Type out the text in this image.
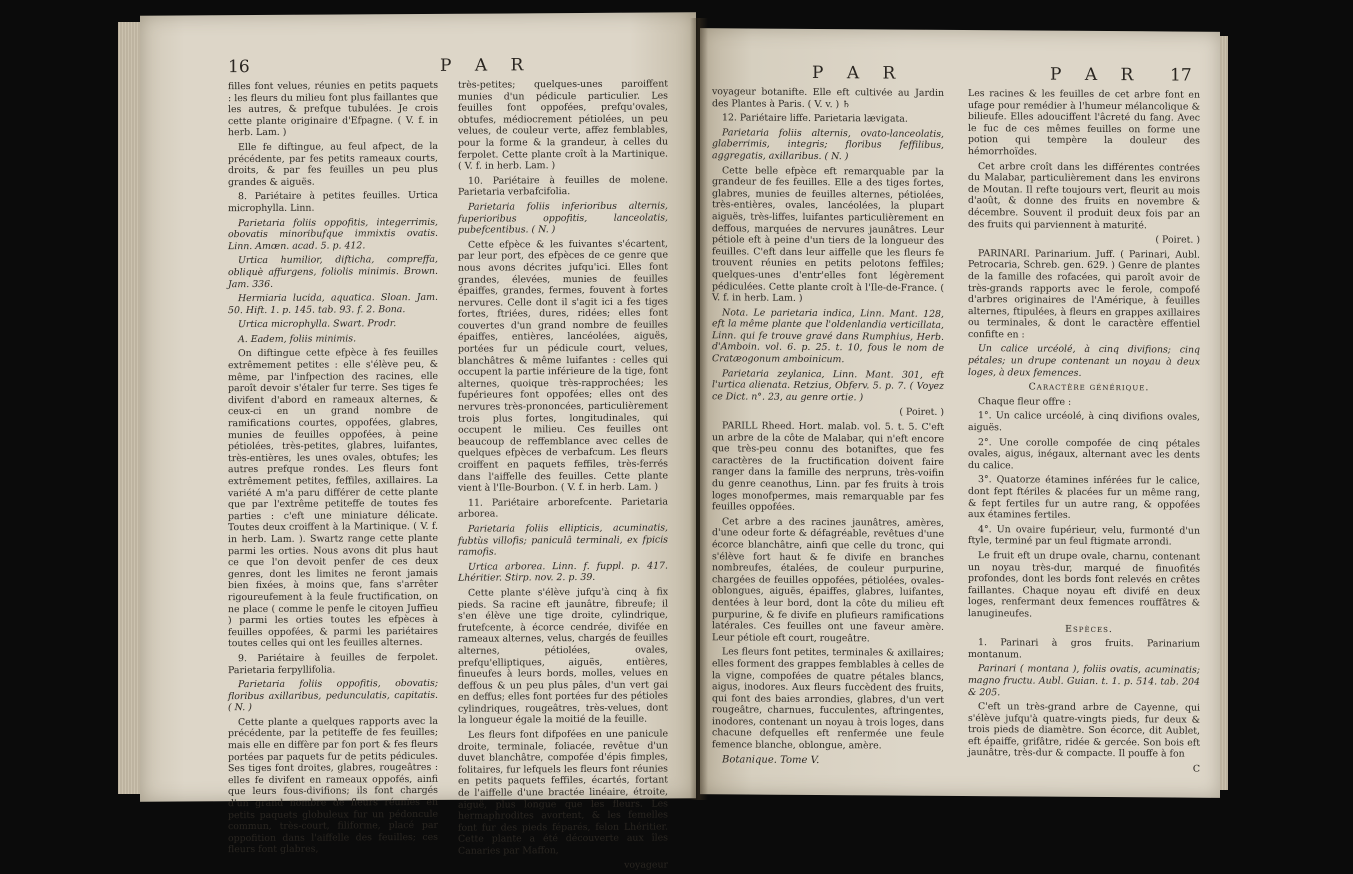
16	P A R

filles font velues, réunies en petits paquets : les fleurs du milieu font plus faillantes que les autres, & prefque tubulées. Je crois cette plante originaire d'Efpagne. ( V. f. in herb. Lam. )

Elle fe diftingue, au feul afpect, de la précédente, par fes petits rameaux courts, droits, & par fes feuilles un peu plus grandes & aiguës.

8. Pariétaire à petites feuilles. Urtica microphylla. Linn.

Parietaria foliis oppofitis, integerrimis, obovatis minoribufque immixtis ovatis. Linn. Amœn. acad. 5. p. 412.

Urtica humilior, difticha, compreffa, obliquè affurgens, foliolis minimis. Brown. Jam. 336.

Hermiaria lucida, aquatica. Sloan. Jam. 50. Hift. 1. p. 145. tab. 93. f. 2. Bona.

Urtica microphylla. Swart. Prodr.

A. Eadem, foliis minimis.

On diftingue cette efpèce à fes feuilles extrêmement petites : elle s'élève peu, & même, par l'infpection des racines, elle paroît devoir s'étaler fur terre. Ses tiges fe divifent d'abord en rameaux alternes, & ceux-ci en un grand nombre de ramifications courtes, oppofées, glabres, munies de feuilles oppofées, à peine pétiolées, très-petites, glabres, luifantes, très-entières, les unes ovales, obtufes; les autres prefque rondes. Les fleurs font extrêmement petites, feffiles, axillaires. La variété A m'a paru différer de cette plante que par l'extrême petiteffe de toutes fes parties : c'eft une miniature délicate. Toutes deux croiffent à la Martinique. ( V. f. in herb. Lam. ). Swartz range cette plante parmi les orties. Nous avons dit plus haut ce que l'on devoit penfer de ces deux genres, dont les limites ne feront jamais bien fixées, à moins que, fans s'arrêter rigoureufement à la feule fructification, on ne place ( comme le penfe le citoyen Juffieu ) parmi les orties toutes les efpèces à feuilles oppofées, & parmi les pariétaires toutes celles qui ont les feuilles alternes.

9. Pariétaire à feuilles de ferpolet. Parietaria ferpyllifolia.

Parietaria foliis oppofitis, obovatis; floribus axillaribus, pedunculatis, capitatis. ( N. )

Cette plante a quelques rapports avec la précédente, par la petiteffe de fes feuilles; mais elle en diffère par fon port & fes fleurs portées par paquets fur de petits pédicules. Ses tiges font droites, glabres, rougeâtres : elles fe divifent en rameaux oppofés, ainfi que leurs fous-divifions; ils font chargés d'un grand nombre de fleurs réunies en petits paquets globuleux fur un pédoncule commun, très-court, filiforme, placé par oppofition dans l'aiffelle des feuilles; ces fleurs font glabres,

très-petites; quelques-unes paroiffent munies d'un pédicule particulier. Les feuilles font oppofées, prefqu'ovales, obtufes, médiocrement pétiolées, un peu velues, de couleur verte, affez femblables, pour la forme & la grandeur, à celles du ferpolet. Cette plante croît à la Martinique. ( V. f. in herb. Lam. )

10. Pariétaire à feuilles de molene. Parietaria verbafcifolia.

Parietaria foliis inferioribus alternis, fuperioribus oppofitis, lanceolatis, pubefcentibus. ( N. )

Cette efpèce & les fuivantes s'écartent, par leur port, des efpèces de ce genre que nous avons décrites jufqu'ici. Elles font grandes, élevées, munies de feuilles épaiffes, grandes, fermes, fouvent à fortes nervures. Celle dont il s'agit ici a fes tiges fortes, ftriées, dures, ridées; elles font couvertes d'un grand nombre de feuilles épaiffes, entières, lancéolées, aiguës, portées fur un pédicule court, velues, blanchâtres & même luifantes : celles qui occupent la partie inférieure de la tige, font alternes, quoique très-rapprochées; les fupérieures font oppofées; elles ont des nervures très-prononcées, particulièrement trois plus fortes, longitudinales, qui occupent le milieu. Ces feuilles ont beaucoup de reffemblance avec celles de quelques efpèces de verbafcum. Les fleurs croiffent en paquets feffiles, très-ferrés dans l'aiffelle des feuilles. Cette plante vient à l'Ile-Bourbon. ( V. f. in herb. Lam. )

11. Pariétaire arborefcente. Parietaria arborea.

Parietaria foliis ellipticis, acuminatis, fubtùs villofis; paniculâ terminali, ex fpicis ramofis.

Urtica arborea. Linn. f. fuppl. p. 417. Lhéritier. Stirp. nov. 2. p. 39.

Cette plante s'élève jufqu'à cinq à fix pieds. Sa racine eft jaunâtre, fibreufe; il s'en élève une tige droite, cylindrique, frutefcente, à écorce cendrée, divifée en rameaux alternes, velus, chargés de feuilles alternes, pétiolées, ovales, prefqu'elliptiques, aiguës, entières, finueufes à leurs bords, molles, velues en deffous & un peu plus pâles, d'un vert gai en deffus; elles font portées fur des pétioles cylindriques, rougeâtres, très-velues, dont la longueur égale la moitié de la feuille.

Les fleurs font difpofées en une panicule droite, terminale, foliacée, revêtue d'un duvet blanchâtre, compofée d'épis fimples, folitaires, fur lefquels les fleurs font réunies en petits paquets feffiles, écartés, fortant de l'aiffelle d'une bractée linéaire, étroite, aiguë, plus longue que les fleurs. Les hermaphrodites avortent, & les femelles font fur des pieds féparés, felon Lhéritier. Cette plante a été découverte aux îles Canaries par Maffon,

voyageur

P A R	P A R 17

voyageur botanifte. Elle eft cultivée au Jardin des Plantes à Paris. ( V. v. ) ♄

12. Pariétaire liffe. Parietaria lævigata.

Parietaria foliis alternis, ovato-lanceolatis, glaberrimis, integris; floribus feffilibus, aggregatis, axillaribus. ( N. )

Cette belle efpèce eft remarquable par la grandeur de fes feuilles. Elle a des tiges fortes, glabres, munies de feuilles alternes, pétiolées, très-entières, ovales, lancéolées, la plupart aiguës, très-liffes, luifantes particulièrement en deffous, marquées de nervures jaunâtres. Leur pétiole eft à peine d'un tiers de la longueur des feuilles. C'eft dans leur aiffelle que les fleurs fe trouvent réunies en petits pelotons feffiles; quelques-unes d'entr'elles font légèrement pédiculées. Cette plante croît à l'Ile-de-France. ( V. f. in herb. Lam. )

Nota. Le parietaria indica, Linn. Mant. 128, eft la même plante que l'oldenlandia verticillata, Linn. qui fe trouve gravé dans Rumphius, Herb. d'Amboin. vol. 6. p. 25. t. 10, fous le nom de Cratæogonum amboinicum.

Parietaria zeylanica, Linn. Mant. 301, eft l'urtica alienata. Retzius, Obferv. 5. p. 7. ( Voyez ce Dict. n°. 23, au genre ortie. )

( Poiret. )

PARILL Rheed. Hort. malab. vol. 5. t. 5. C'eft un arbre de la côte de Malabar, qui n'eft encore que très-peu connu des botaniftes, que fes caractères de la fructification doivent faire ranger dans la famille des nerpruns, très-voifin du genre ceanothus, Linn. par fes fruits à trois loges monofpermes, mais remarquable par fes feuilles oppofées.

Cet arbre a des racines jaunâtres, amères, d'une odeur forte & défagréable, revêtues d'une écorce blanchâtre, ainfi que celle du tronc, qui s'élève fort haut & fe divife en branches nombreufes, étalées, de couleur purpurine, chargées de feuilles oppofées, pétiolées, ovales-oblongues, aiguës, épaiffes, glabres, luifantes, dentées à leur bord, dont la côte du milieu eft purpurine, & fe divife en plufieurs ramifications latérales. Ces feuilles ont une faveur amère. Leur pétiole eft court, rougeâtre.

Les fleurs font petites, terminales & axillaires; elles forment des grappes femblables à celles de la vigne, compofées de quatre pétales blancs, aigus, inodores. Aux fleurs fuccèdent des fruits, qui font des baies arrondies, glabres, d'un vert rougeâtre, charnues, fucculentes, aftringentes, inodores, contenant un noyau à trois loges, dans chacune defquelles eft renfermée une feule femence blanche, oblongue, amère.

Botanique. Tome V.

Les racines & les feuilles de cet arbre font en ufage pour remédier à l'humeur mélancolique & bilieufe. Elles adouciffent l'âcreté du fang. Avec le fuc de ces mêmes feuilles on forme une potion qui tempère la douleur des hémorrhoïdes.

Cet arbre croît dans les différentes contrées du Malabar, particulièrement dans les environs de Moutan. Il refte toujours vert, fleurit au mois d'août, & donne des fruits en novembre & décembre. Souvent il produit deux fois par an des fruits qui parviennent à maturité.

( Poiret. )

PARINARI. Parinarium. Juff. ( Parinari, Aubl. Petrocaria, Schreb. gen. 629. ) Genre de plantes de la famille des rofacées, qui paroît avoir de très-grands rapports avec le ferole, compofé d'arbres originaires de l'Amérique, à feuilles alternes, ftipulées, à fleurs en grappes axillaires ou terminales, & dont le caractère effentiel confifte en :

Un calice urcéolé, à cinq divifions; cinq pétales; un drupe contenant un noyau à deux loges, à deux femences.

Caractère générique.

Chaque fleur offre :

1°. Un calice urcéolé, à cinq divifions ovales, aiguës.

2°. Une corolle compofée de cinq pétales ovales, aigus, inégaux, alternant avec les dents du calice.

3°. Quatorze étamines inférées fur le calice, dont fept ftériles & placées fur un même rang, & fept fertiles fur un autre rang, & oppofées aux étamines fertiles.

4°. Un ovaire fupérieur, velu, furmonté d'un ftyle, terminé par un feul ftigmate arrondi.

Le fruit eft un drupe ovale, charnu, contenant un noyau très-dur, marqué de finuofités profondes, dont les bords font relevés en crêtes faillantes. Chaque noyau eft divifé en deux loges, renfermant deux femences rouffâtres & lanugineufes.

Espèces.

1. Parinari à gros fruits. Parinarium montanum.

Parinari ( montana ), foliis ovatis, acuminatis; magno fructu. Aubl. Guian. t. 1. p. 514. tab. 204 & 205.

C'eft un très-grand arbre de Cayenne, qui s'élève jufqu'à quatre-vingts pieds, fur deux & trois pieds de diamètre. Son écorce, dit Aublet, eft épaiffe, grifâtre, ridée & gercée. Son bois eft jaunâtre, très-dur & compacte. Il pouffe à fon

C
